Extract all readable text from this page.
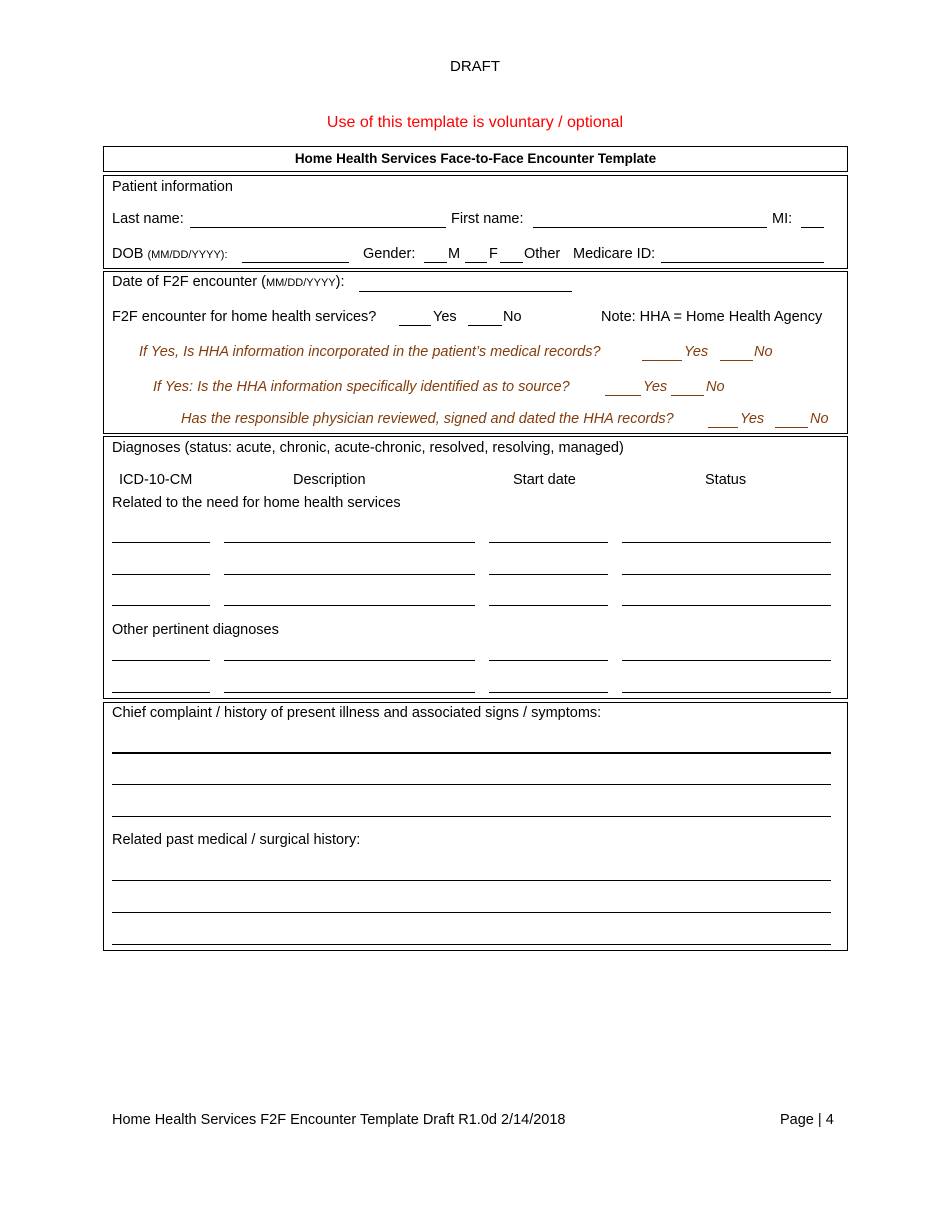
DRAFT
Use of this template is voluntary / optional
Home Health Services Face-to-Face Encounter Template
Patient information
Last name:	First name:	MI:
DOB (MM/DD/YYYY):	Gender: M F Other Medicare ID:
Date of F2F encounter (MM/DD/YYYY):
F2F encounter for home health services?	Yes	No	Note: HHA = Home Health Agency
If Yes, Is HHA information incorporated in the patient’s medical records?	Yes	No
If Yes: Is the HHA information specifically identified as to source?	Yes	No
Has the responsible physician reviewed, signed and dated the HHA records?	Yes	No
Diagnoses (status: acute, chronic, acute-chronic, resolved, resolving, managed)
ICD-10-CM	Description	Start date	Status
Related to the need for home health services
Other pertinent diagnoses
Chief complaint / history of present illness and associated signs / symptoms:
Related past medical / surgical history:
Home Health Services F2F Encounter Template Draft R1.0d 2/14/2018	Page | 4
